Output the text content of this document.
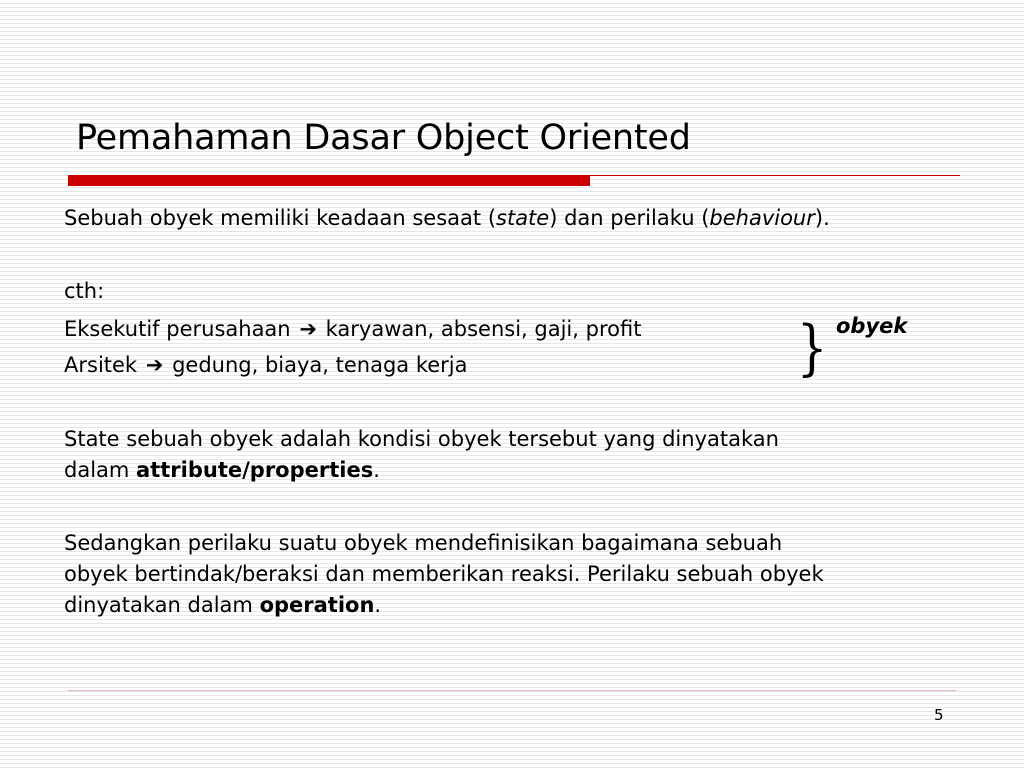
Pemahaman Dasar Object Oriented
Sebuah obyek memiliki keadaan sesaat (state) dan perilaku (behaviour).
cth:
Eksekutif perusahaan ➔ karyawan, absensi, gaji, profit
Arsitek ➔ gedung, biaya, tenaga kerja	} obyek
State sebuah obyek adalah kondisi obyek tersebut yang dinyatakan
dalam attribute/properties.
Sedangkan perilaku suatu obyek mendefinisikan bagaimana sebuah
obyek bertindak/beraksi dan memberikan reaksi. Perilaku sebuah obyek
dinyatakan dalam operation.
5
